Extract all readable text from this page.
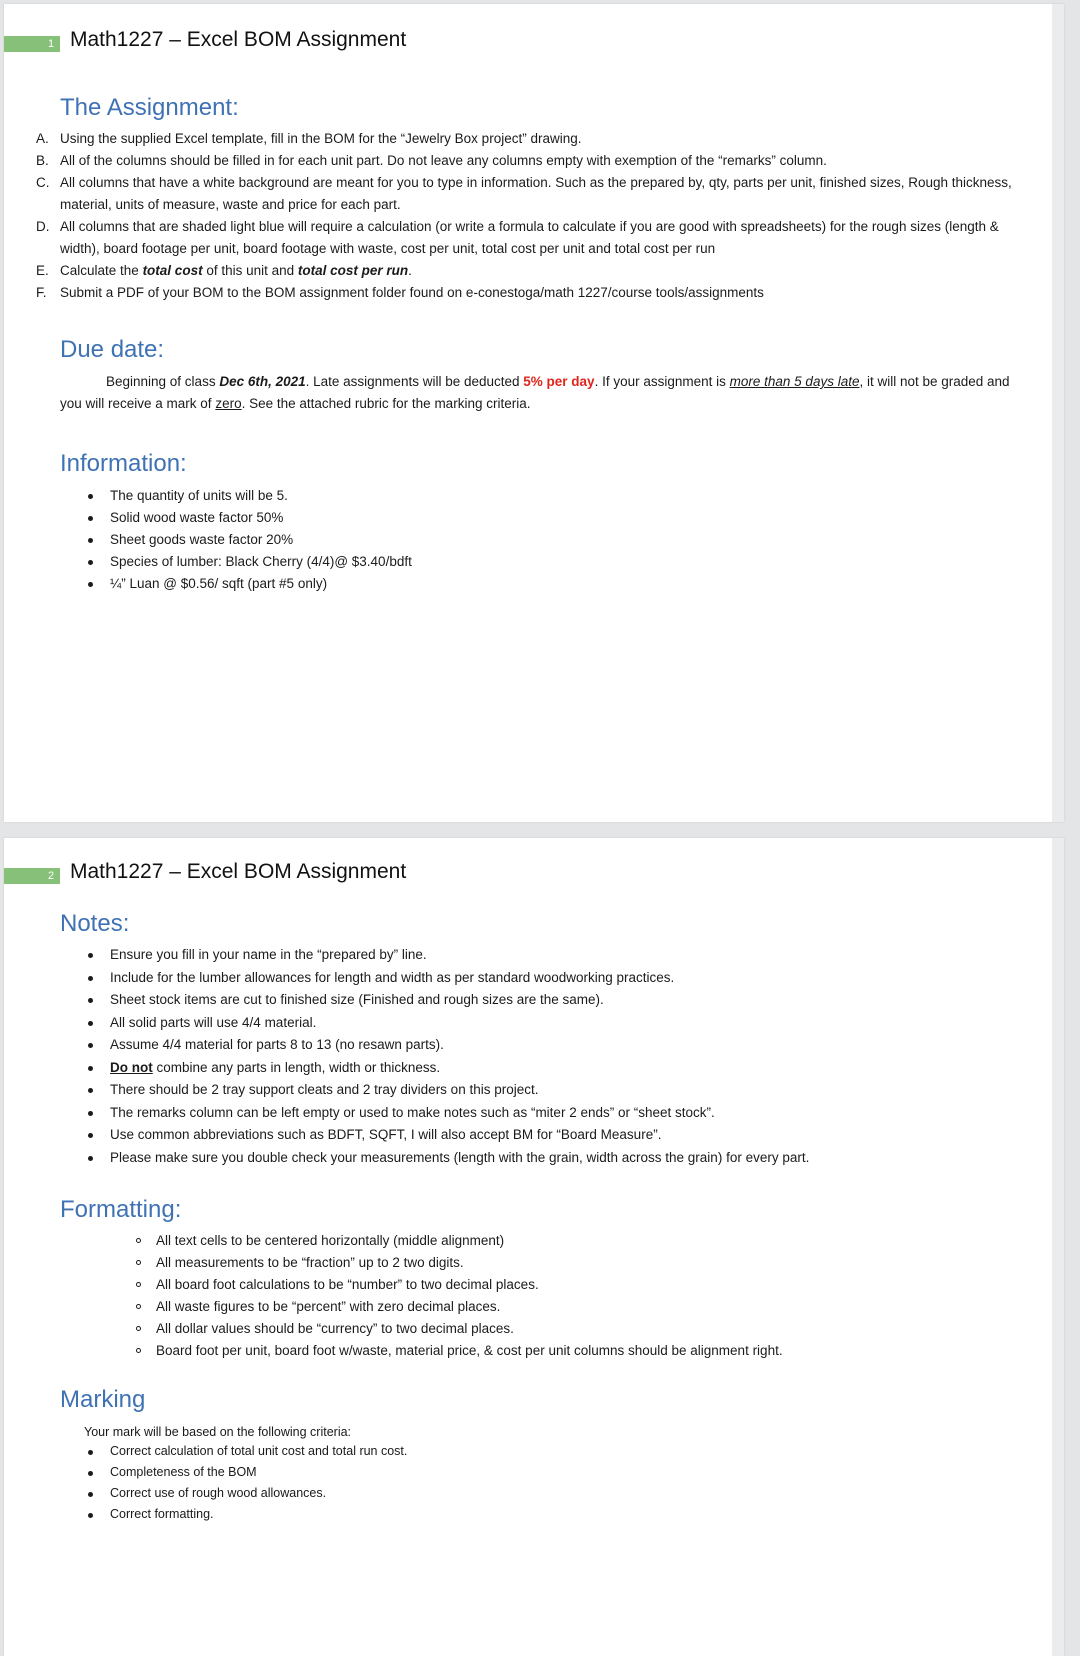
1 Math1227 – Excel BOM Assignment
The Assignment:
A. Using the supplied Excel template, fill in the BOM for the “Jewelry Box project” drawing.
B. All of the columns should be filled in for each unit part. Do not leave any columns empty with exemption of the “remarks” column.
C. All columns that have a white background are meant for you to type in information. Such as the prepared by, qty, parts per unit, finished sizes, Rough thickness, material, units of measure, waste and price for each part.
D. All columns that are shaded light blue will require a calculation (or write a formula to calculate if you are good with spreadsheets) for the rough sizes (length & width), board footage per unit, board footage with waste, cost per unit, total cost per unit and total cost per run
E. Calculate the total cost of this unit and total cost per run.
F. Submit a PDF of your BOM to the BOM assignment folder found on e-conestoga/math 1227/course tools/assignments
Due date:
Beginning of class Dec 6th, 2021. Late assignments will be deducted 5% per day. If your assignment is more than 5 days late, it will not be graded and you will receive a mark of zero. See the attached rubric for the marking criteria.
Information:
The quantity of units will be 5.
Solid wood waste factor 50%
Sheet goods waste factor 20%
Species of lumber: Black Cherry (4/4)@ $3.40/bdft
¼” Luan @ $0.56/ sqft (part #5 only)
2 Math1227 – Excel BOM Assignment
Notes:
Ensure you fill in your name in the “prepared by” line.
Include for the lumber allowances for length and width as per standard woodworking practices.
Sheet stock items are cut to finished size (Finished and rough sizes are the same).
All solid parts will use 4/4 material.
Assume 4/4 material for parts 8 to 13 (no resawn parts).
Do not combine any parts in length, width or thickness.
There should be 2 tray support cleats and 2 tray dividers on this project.
The remarks column can be left empty or used to make notes such as “miter 2 ends” or “sheet stock”.
Use common abbreviations such as BDFT, SQFT, I will also accept BM for “Board Measure”.
Please make sure you double check your measurements (length with the grain, width across the grain) for every part.
Formatting:
All text cells to be centered horizontally (middle alignment)
All measurements to be “fraction” up to 2 two digits.
All board foot calculations to be “number” to two decimal places.
All waste figures to be “percent” with zero decimal places.
All dollar values should be “currency” to two decimal places.
Board foot per unit, board foot w/waste, material price, & cost per unit columns should be alignment right.
Marking
Your mark will be based on the following criteria:
Correct calculation of total unit cost and total run cost.
Completeness of the BOM
Correct use of rough wood allowances.
Correct formatting.
